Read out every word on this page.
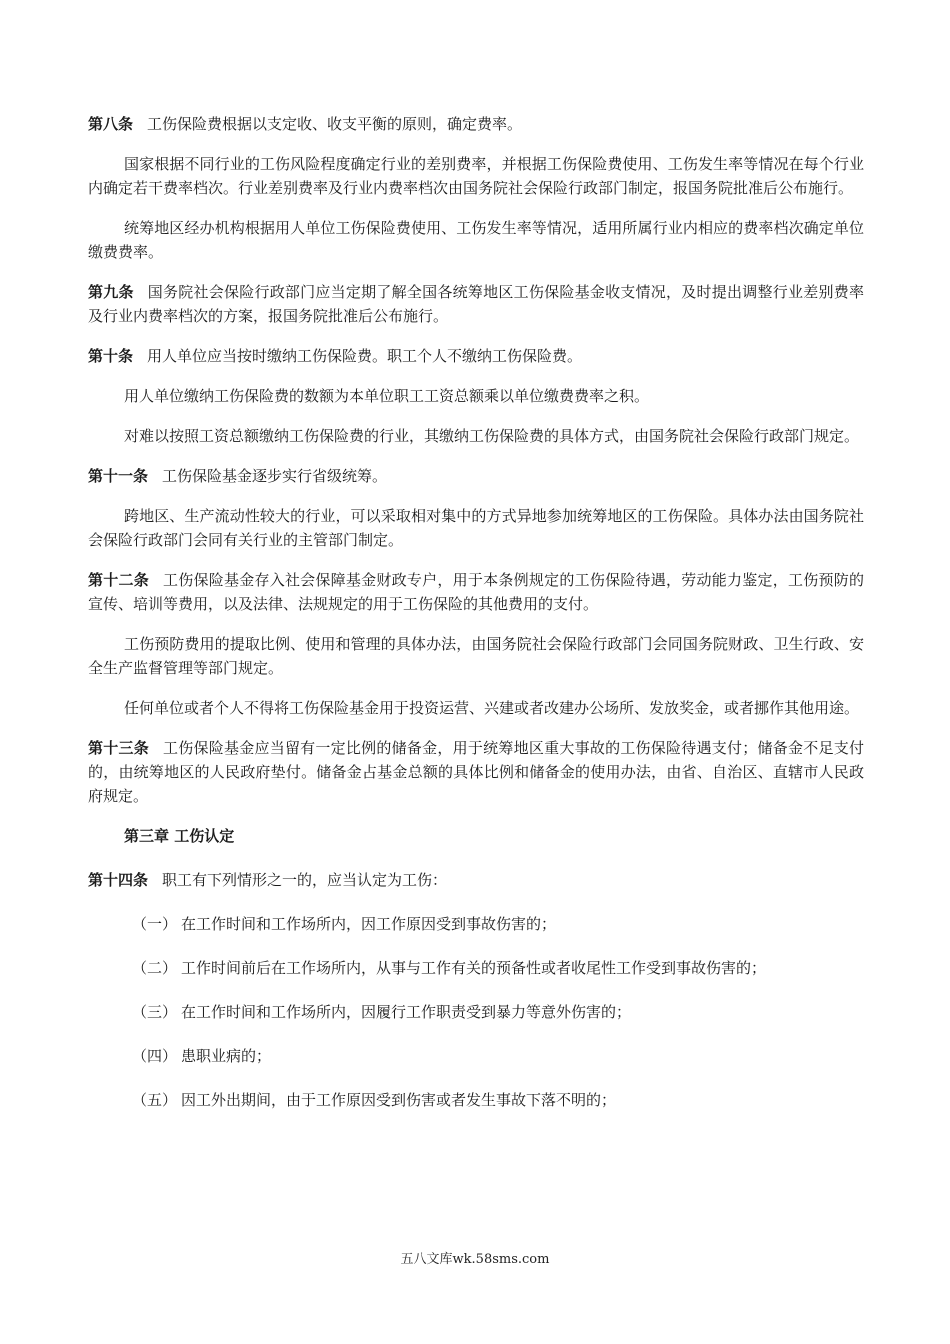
第八条 工伤保险费根据以支定收、收支平衡的原则，确定费率。

国家根据不同行业的工伤风险程度确定行业的差别费率，并根据工伤保险费使用、工伤发生率等情况在每个行业内确定若干费率档次。行业差别费率及行业内费率档次由国务院社会保险行政部门制定，报国务院批准后公布施行。

统筹地区经办机构根据用人单位工伤保险费使用、工伤发生率等情况，适用所属行业内相应的费率档次确定单位缴费费率。

第九条 国务院社会保险行政部门应当定期了解全国各统筹地区工伤保险基金收支情况，及时提出调整行业差别费率及行业内费率档次的方案，报国务院批准后公布施行。

第十条 用人单位应当按时缴纳工伤保险费。职工个人不缴纳工伤保险费。

用人单位缴纳工伤保险费的数额为本单位职工工资总额乘以单位缴费费率之积。

对难以按照工资总额缴纳工伤保险费的行业，其缴纳工伤保险费的具体方式，由国务院社会保险行政部门规定。

第十一条 工伤保险基金逐步实行省级统筹。

跨地区、生产流动性较大的行业，可以采取相对集中的方式异地参加统筹地区的工伤保险。具体办法由国务院社会保险行政部门会同有关行业的主管部门制定。

第十二条 工伤保险基金存入社会保障基金财政专户，用于本条例规定的工伤保险待遇，劳动能力鉴定，工伤预防的宣传、培训等费用，以及法律、法规规定的用于工伤保险的其他费用的支付。

工伤预防费用的提取比例、使用和管理的具体办法，由国务院社会保险行政部门会同国务院财政、卫生行政、安全生产监督管理等部门规定。

任何单位或者个人不得将工伤保险基金用于投资运营、兴建或者改建办公场所、发放奖金，或者挪作其他用途。

第十三条 工伤保险基金应当留有一定比例的储备金，用于统筹地区重大事故的工伤保险待遇支付；储备金不足支付的，由统筹地区的人民政府垫付。储备金占基金总额的具体比例和储备金的使用办法，由省、自治区、直辖市人民政府规定。

第三章 工伤认定

第十四条 职工有下列情形之一的，应当认定为工伤：

（一） 在工作时间和工作场所内，因工作原因受到事故伤害的；
（二） 工作时间前后在工作场所内，从事与工作有关的预备性或者收尾性工作受到事故伤害的；
（三） 在工作时间和工作场所内，因履行工作职责受到暴力等意外伤害的；
（四） 患职业病的；
（五） 因工外出期间，由于工作原因受到伤害或者发生事故下落不明的；
五八文库wk.58sms.com
